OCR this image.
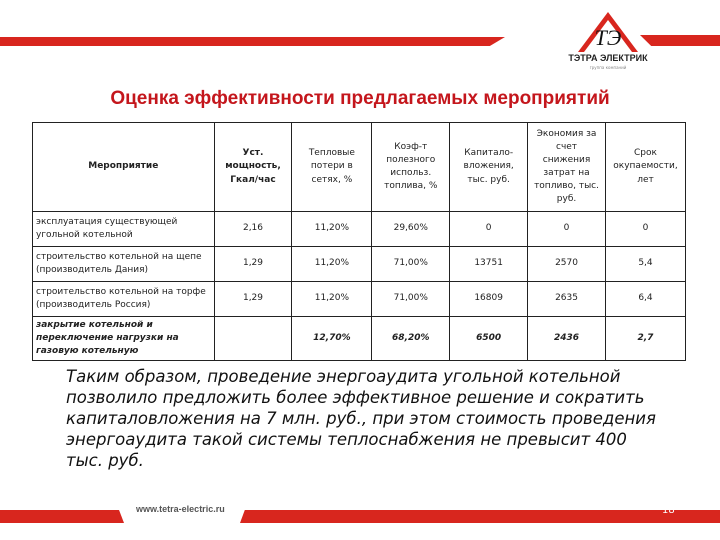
ТЭ
ТЭТРА ЭЛЕКТРИК
группа компаний
Оценка эффективности предлагаемых мероприятий
Мероприятие	Уст. мощность, Гкал/час	Тепловые потери в сетях, %	Коэф-т полезного использ. топлива, %	Капитало-вложения, тыс. руб.	Экономия за счет снижения затрат на топливо, тыс. руб.	Срок окупаемости, лет
эксплуатация существующей угольной котельной	2,16	11,20%	29,60%	0	0	0
строительство котельной на щепе (производитель Дания)	1,29	11,20%	71,00%	13751	2570	5,4
строительство котельной на торфе (производитель Россия)	1,29	11,20%	71,00%	16809	2635	6,4
закрытие котельной и переключение нагрузки на газовую котельную		12,70%	68,20%	6500	2436	2,7
Таким образом, проведение энергоаудита угольной котельной позволило предложить более эффективное решение и сократить капиталовложения на 7 млн. руб., при этом стоимость проведения энергоаудита такой системы теплоснабжения не превысит 400 тыс. руб.
www.tetra-electric.ru	18
